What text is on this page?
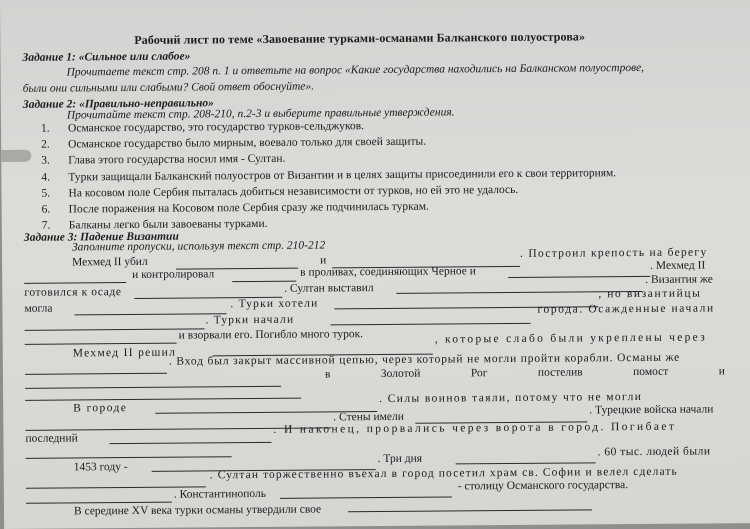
Рабочий лист по теме «Завоевание турками-османами Балканского полуострова»
Задание 1: «Сильное или слабое»
Прочитаете текст стр. 208 п. 1 и ответьте на вопрос «Какие государства находились на Балканском полуострове,
были они сильными или слабыми? Свой ответ обоснуйте».
Задание 2: «Правильно-неправильно»
Прочитайте текст стр. 208-210, п.2-3 и выберите правильные утверждения.
1. Османское государство, это государство турков-сельджуков.
2. Османское государство было мирным, воевало только для своей защиты.
3. Глава этого государства носил имя - Султан.
4. Турки защищали Балканский полуостров от Византии и в целях защиты присоединили его к свои территориям.
5. На косовом поле Сербия пыталась добиться независимости от турков, но ей это не удалось.
6. После поражения на Косовом поле Сербия сразу же подчинилась туркам.
7. Балканы легко были завоеваны турками.
Задание 3: Падение Византии
Заполните пропуски, используя текст стр. 210-212
Мехмед II убил	и
. Построил крепость на берегу
и контролировал	в проливах, соединяющих Черное и	. Мехмед II
готовился к осаде	. Султан выставил
. Византия же
могла	. Турки хотели
, но византийцы
. Турки начали
города. Осажденные начали
и взорвали его. Погибло много турок.
Мехмед II решил
, которые слабо были укреплены через
. Вход был закрыт массивной цепью, через который не могли пройти корабли. Османы же
в	Золотой	Рог	постелив	помост	и
В городе
. Силы воинов таяли, потому что не могли
. Стены имели
. Турецкие войска начали
последний
. И наконец, прорвались через ворота в город. Погибает
1453 году -
. Три дня
. 60 тыс. людей были
. Султан торжественно въехал в город посетил храм св. Софии и велел сделать
. Константинополь
- столицу Османского государства.
В середине XV века турки османы утвердили свое
